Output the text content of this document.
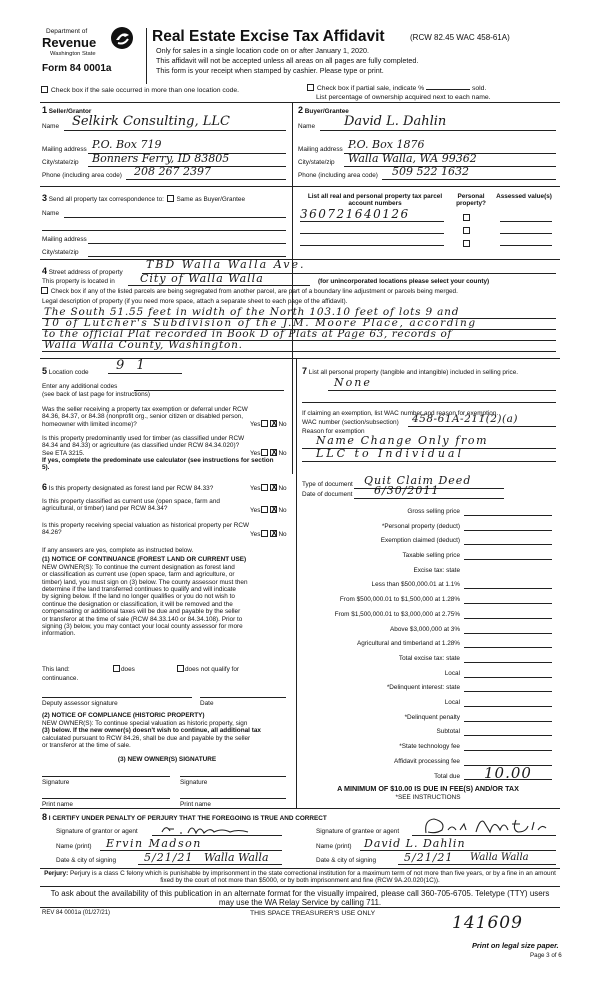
Department of
Revenue
Washington State
Form 84 0001a
Real Estate Excise Tax Affidavit	(RCW 82.45 WAC 458-61A)
Only for sales in a single location code on or after January 1, 2020.
This affidavit will not be accepted unless all areas on all pages are fully completed.
This form is your receipt when stamped by cashier. Please type or print.
Check box if the sale occurred in more than one location code.	Check box if partial sale, indicate %	sold.
List percentage of ownership acquired next to each name.
1 Seller/Grantor
Name Selkirk Consulting, LLC
Mailing address P.O. Box 719
City/state/zip Bonners Ferry, ID 83805
Phone (including area code) 208 267 2397
2 Buyer/Grantee
Name David L. Dahlin
Mailing address P.O. Box 1876
City/state/zip Walla Walla, WA 99362
Phone (including area code) 509 522 1632
3 Send all property tax correspondence to: Same as Buyer/Grantee
Name
Mailing address
City/state/zip
List all real and personal property tax parcel account numbers
Personal property?
Assessed value(s)
360721640126
4 Street address of property
TBD Walla Walla Ave.
This property is located in City of Walla Walla	(for unincorporated locations please select your county)
Check box if any of the listed parcels are being segregated from another parcel, are part of a boundary line adjustment or parcels being merged.
Legal description of property (if you need more space, attach a separate sheet to each page of the affidavit).
The South 51.55 feet in width of the North 103.10 feet of lots 9 and
10 of Lutcher's Subdivision of the J.M. Moore Place, according
to the official Plat recorded in Book D of Plats at Page 63, records of
Walla Walla County, Washington.
5 Location code 9 1
Enter any additional codes
(see back of last page for instructions)
Was the seller receiving a property tax exemption or deferral under RCW 84.36, 84.37, or 84.38 (nonprofit org., senior citizen or disabled person, homeowner with limited income)?	Yes X	No
Is this property predominantly used for timber (as classified under RCW 84.34 and 84.33) or agriculture (as classified under RCW 84.34.020)? See ETA 3215.	Yes X	No
If yes, complete the predominate use calculator (see instructions for section 5).
6 Is this property designated as forest land per RCW 84.33?	Yes X	No
Is this property classified as current use (open space, farm and agricultural, or timber) land per RCW 84.34?	Yes X	No
Is this property receiving special valuation as historical property per RCW 84.26?	Yes X	No
If any answers are yes, complete as instructed below.
(1) NOTICE OF CONTINUANCE (FOREST LAND OR CURRENT USE)
NEW OWNER(S): To continue the current designation as forest land
or classification as current use (open space, farm and agriculture, or
timber) land, you must sign on (3) below. The county assessor must then
determine if the land transferred continues to qualify and will indicate
by signing below. If the land no longer qualifies or you do not wish to
continue the designation or classification, it will be removed and the
compensating or additional taxes will be due and payable by the seller
or transferor at the time of sale (RCW 84.33.140 or 84.34.108). Prior to
signing (3) below, you may contact your local county assessor for more
information.
This land:	does	does not qualify for
continuance.
Deputy assessor signature	Date
(2) NOTICE OF COMPLIANCE (HISTORIC PROPERTY)
NEW OWNER(S): To continue special valuation as historic property, sign
(3) below. If the new owner(s) doesn't wish to continue, all additional tax
calculated pursuant to RCW 84.26, shall be due and payable by the seller
or transferor at the time of sale.
(3) NEW OWNER(S) SIGNATURE
Signature	Signature
Print name	Print name
7 List all personal property (tangible and intangible) included in selling price.
None
If claiming an exemption, list WAC number and reason for exemption.
WAC number (section/subsection) 458-61A-211(2)(a)
Reason for exemption
Name Change Only from
LLC to Individual
Type of document Quit Claim Deed
Date of document 6/30/2011
Gross selling price
*Personal property (deduct)
Exemption claimed (deduct)
Taxable selling price
Excise tax: state
Less than $500,000.01 at 1.1%
From $500,000.01 to $1,500,000 at 1.28%
From $1,500,000.01 to $3,000,000 at 2.75%
Above $3,000,000 at 3%
Agricultural and timberland at 1.28%
Total excise tax: state
Local
*Delinquent interest: state
Local
*Delinquent penalty
Subtotal
*State technology fee
Affidavit processing fee
Total due	10.00
A MINIMUM OF $10.00 IS DUE IN FEE(S) AND/OR TAX
*SEE INSTRUCTIONS
8 I CERTIFY UNDER PENALTY OF PERJURY THAT THE FOREGOING IS TRUE AND CORRECT
Signature of grantor or agent	Signature of grantee or agent
Name (print) Ervin Madson	Name (print) David L. Dahlin
Date & city of signing	5/21/21 Walla Walla	Date & city of signing	5/21/21 Walla Walla
Perjury: Perjury is a class C felony which is punishable by imprisonment in the state correctional institution for a maximum term of not more than five years, or by a fine in an amount fixed by the court of not more than $5000, or by both imprisonment and fine (RCW 9A.20.020(1C)).
To ask about the availability of this publication in an alternate format for the visually impaired, please call 360-705-6705. Teletype (TTY) users may use the WA Relay Service by calling 711.
REV 84 0001a (01/27/21)	THIS SPACE TREASURER'S USE ONLY	141609
Print on legal size paper.
Page 3 of 6
